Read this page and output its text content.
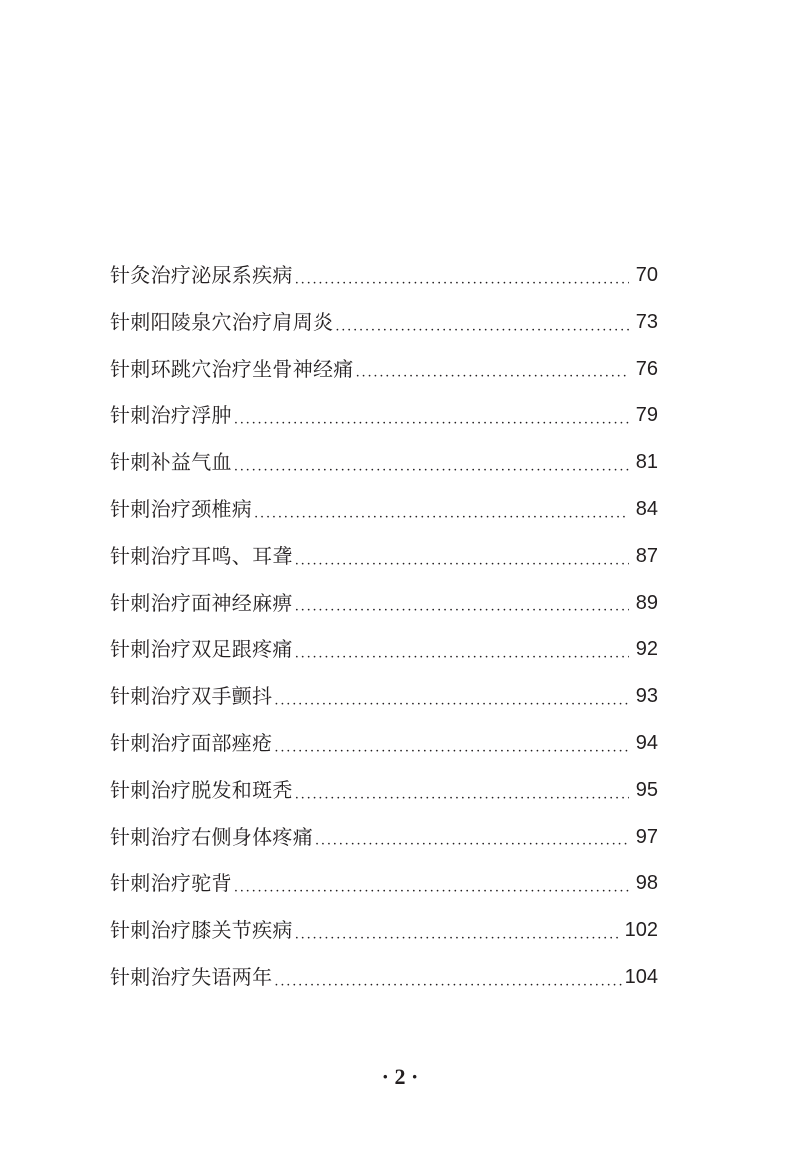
针灸治疗泌尿系疾病 ·····	70
针刺阳陵泉穴治疗肩周炎 ·····	73
针刺环跳穴治疗坐骨神经痛 ·····	76
针刺治疗浮肿 ·····	79
针刺补益气血 ·····	81
针刺治疗颈椎病 ·····	84
针刺治疗耳鸣、耳聋 ·····	87
针刺治疗面神经麻痹 ·····	89
针刺治疗双足跟疼痛 ·····	92
针刺治疗双手颤抖 ·····	93
针刺治疗面部痤疮 ·····	94
针刺治疗脱发和斑秃 ·····	95
针刺治疗右侧身体疼痛 ·····	97
针刺治疗驼背 ·····	98
针刺治疗膝关节疾病 ·····	102
针刺治疗失语两年 ·····	104
· 2 ·
